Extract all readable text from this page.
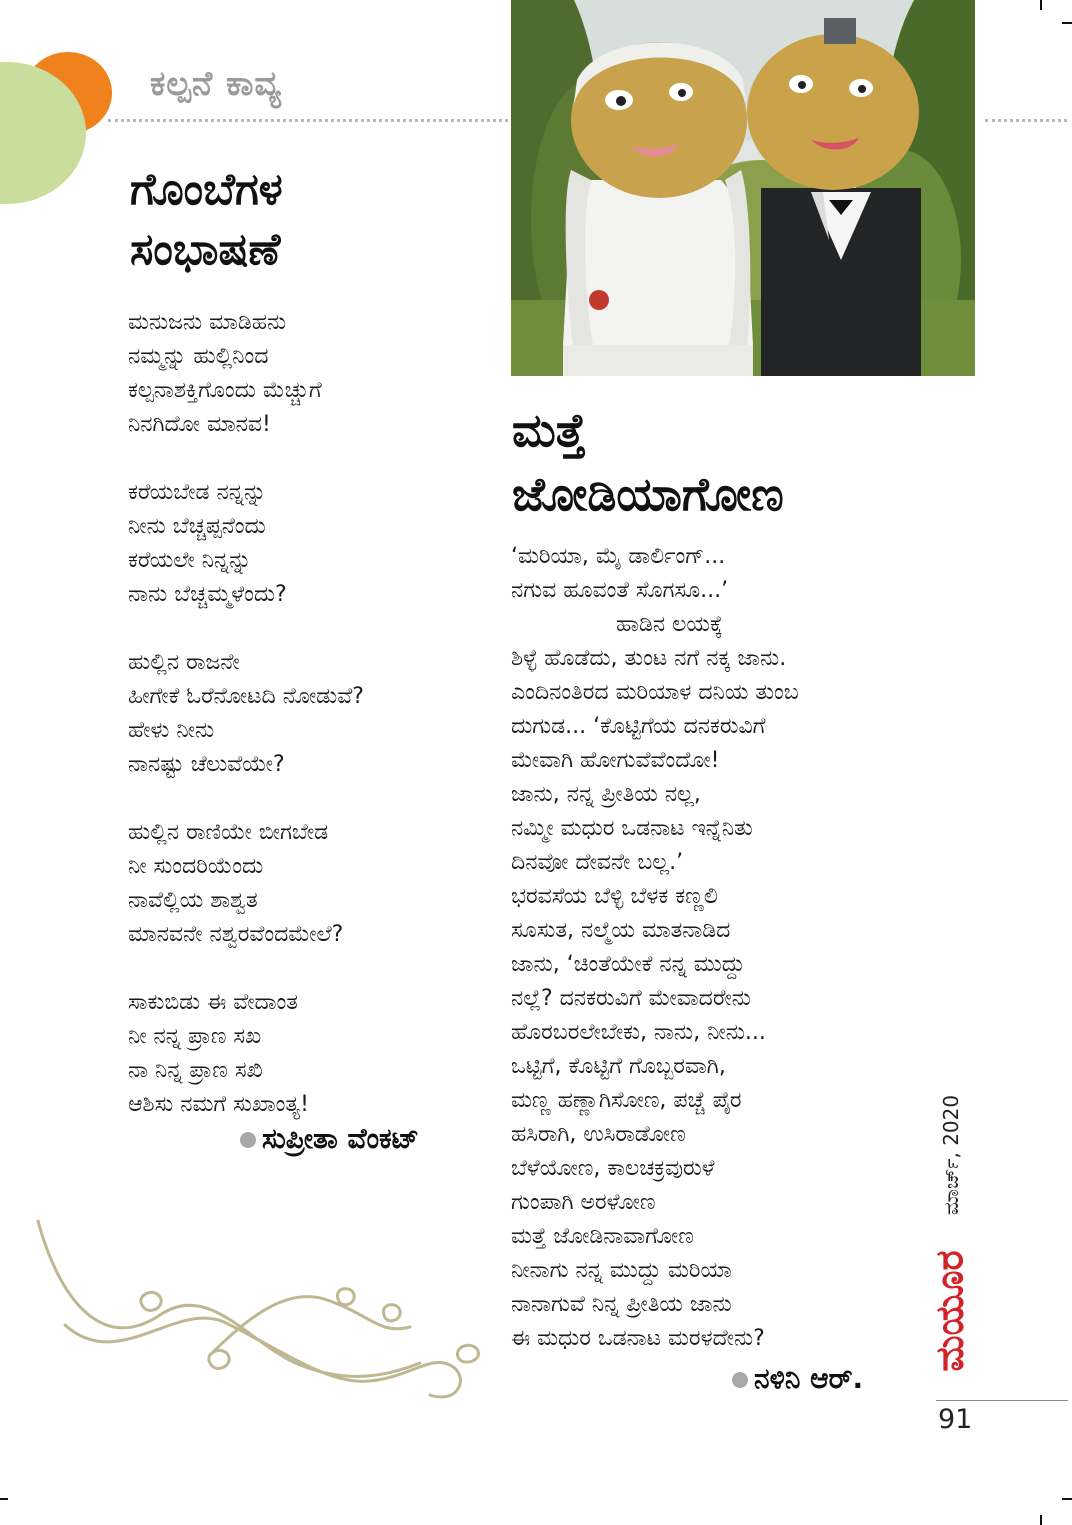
ಕಲ್ಪನೆ ಕಾವ್ಯ
ಗೊಂಬೆಗಳ
ಸಂಭಾಷಣೆ
ಮನುಜನು ಮಾಡಿಹನು
ನಮ್ಮನ್ನು ಹುಲ್ಲಿನಿಂದ
ಕಲ್ಪನಾಶಕ್ತಿಗೊಂದು ಮೆಚ್ಚುಗೆ
ನಿನಗಿದೋ ಮಾನವ!
ಕರೆಯಬೇಡ ನನ್ನನ್ನು
ನೀನು ಬೆಚ್ಚಪ್ಪನೆಂದು
ಕರೆಯಲೇ ನಿನ್ನನ್ನು
ನಾನು ಬೆಚ್ಚಮ್ಮಳೆಂದು?
ಹುಲ್ಲಿನ ರಾಜನೇ
ಹೀಗೇಕೆ ಓರೆನೋಟದಿ ನೋಡುವೆ?
ಹೇಳು ನೀನು
ನಾನಷ್ಟು ಚೆಲುವೆಯೇ?
ಹುಲ್ಲಿನ ರಾಣಿಯೇ ಬೀಗಬೇಡ
ನೀ ಸುಂದರಿಯೆಂದು
ನಾವೆಲ್ಲಿಯ ಶಾಶ್ವತ
ಮಾನವನೇ ನಶ್ವರವೆಂದಮೇಲೆ?
ಸಾಕುಬಿಡು ಈ ವೇದಾಂತ
ನೀ ನನ್ನ ಪ್ರಾಣ ಸಖ
ನಾ ನಿನ್ನ ಪ್ರಾಣ ಸಖಿ
ಆಶಿಸು ನಮಗೆ ಸುಖಾಂತ್ಯ!
ಸುಪ್ರೀತಾ ವೆಂಕಟ್
ಮತ್ತೆ
ಜೋಡಿಯಾಗೋಣ
‘ಮರಿಯಾ, ಮೈ ಡಾರ್ಲಿಂಗ್...
ನಗುವ ಹೂವಂತೆ ಸೊಗಸೂ...’
ಹಾಡಿನ ಲಯಕ್ಕೆ
ಶಿಳ್ಳೆ ಹೊಡೆದು, ತುಂಟ ನಗೆ ನಕ್ಕ ಜಾನು.
ಎಂದಿನಂತಿರದ ಮರಿಯಾಳ ದನಿಯ ತುಂಬ
ದುಗುಡ... ‘ಕೊಟ್ಟಿಗೆಯ ದನಕರುವಿಗೆ
ಮೇವಾಗಿ ಹೋಗುವೆವೆಂದೋ!
ಜಾನು, ನನ್ನ ಪ್ರೀತಿಯ ನಲ್ಲ,
ನಮ್ಮೀ ಮಧುರ ಒಡನಾಟ ಇನ್ನೆನಿತು
ದಿನವೋ ದೇವನೇ ಬಲ್ಲ.’
ಭರವಸೆಯ ಬೆಳ್ಳಿ ಬೆಳಕ ಕಣ್ಣಲಿ
ಸೂಸುತ, ನಲ್ಮೆಯ ಮಾತನಾಡಿದ
ಜಾನು, ‘ಚಿಂತೆಯೇಕೆ ನನ್ನ ಮುದ್ದು
ನಲ್ಲೆ? ದನಕರುವಿಗೆ ಮೇವಾದರೇನು
ಹೊರಬರಲೇಬೇಕು, ನಾನು, ನೀನು...
ಒಟ್ಟಿಗೆ, ಕೊಟ್ಟಿಗೆ ಗೊಬ್ಬರವಾಗಿ,
ಮಣ್ಣ ಹಣ್ಣಾಗಿಸೋಣ, ಪಚ್ಚೆ ಪೈರ
ಹಸಿರಾಗಿ, ಉಸಿರಾಡೋಣ
ಬೆಳೆಯೋಣ, ಕಾಲಚಕ್ರವುರುಳೆ
ಗುಂಪಾಗಿ ಅರಳೋಣ
ಮತ್ತೆ ಜೋಡಿನಾವಾಗೋಣ
ನೀನಾಗು ನನ್ನ ಮುದ್ದು ಮರಿಯಾ
ನಾನಾಗುವೆ ನಿನ್ನ ಪ್ರೀತಿಯ ಜಾನು
ಈ ಮಧುರ ಒಡನಾಟ ಮರಳದೇನು?
ನಳಿನಿ ಆರ್.
ಮಾರ್ಚ್, 2020
ಮಯೂರ
91
